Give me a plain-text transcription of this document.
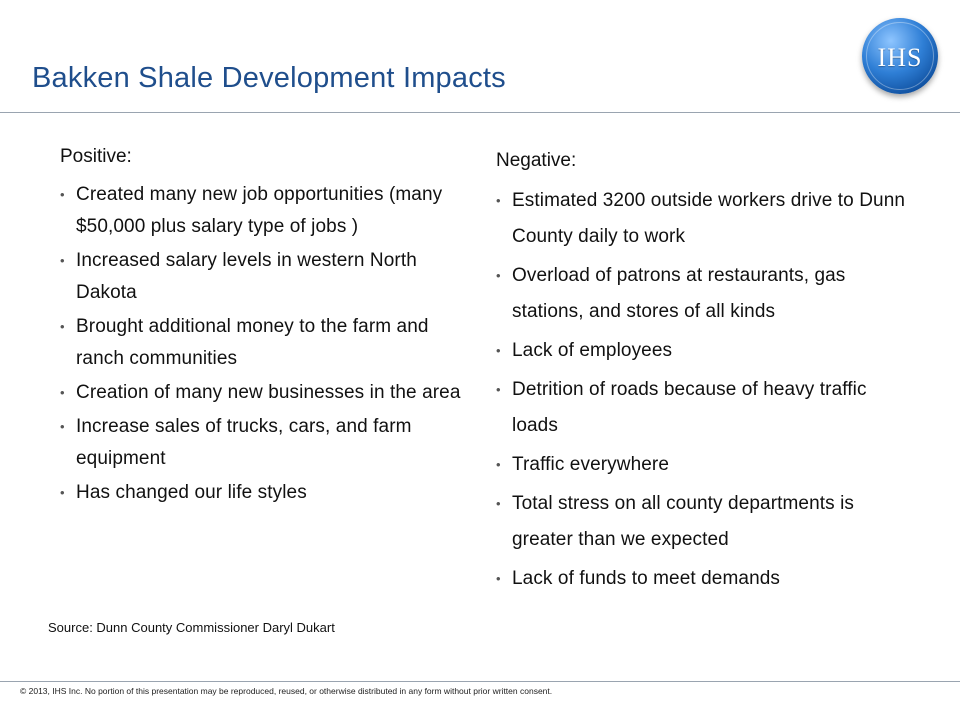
Bakken Shale Development Impacts
IHS
Positive:
• Created many new job opportunities (many $50,000 plus salary type of jobs )
• Increased salary levels in western North Dakota
• Brought additional money to the farm and ranch communities
• Creation of many new businesses in the area
• Increase sales of trucks, cars, and farm equipment
• Has changed our life styles
Negative:
• Estimated 3200 outside workers drive to Dunn County daily to work
• Overload of patrons at restaurants, gas stations, and stores of all kinds
• Lack of employees
• Detrition of roads because of heavy traffic loads
• Traffic everywhere
• Total stress on all county departments is greater than we expected
• Lack of funds to meet demands
Source: Dunn County Commissioner Daryl Dukart
© 2013, IHS Inc. No portion of this presentation may be reproduced, reused, or otherwise distributed in any form without prior written consent.
